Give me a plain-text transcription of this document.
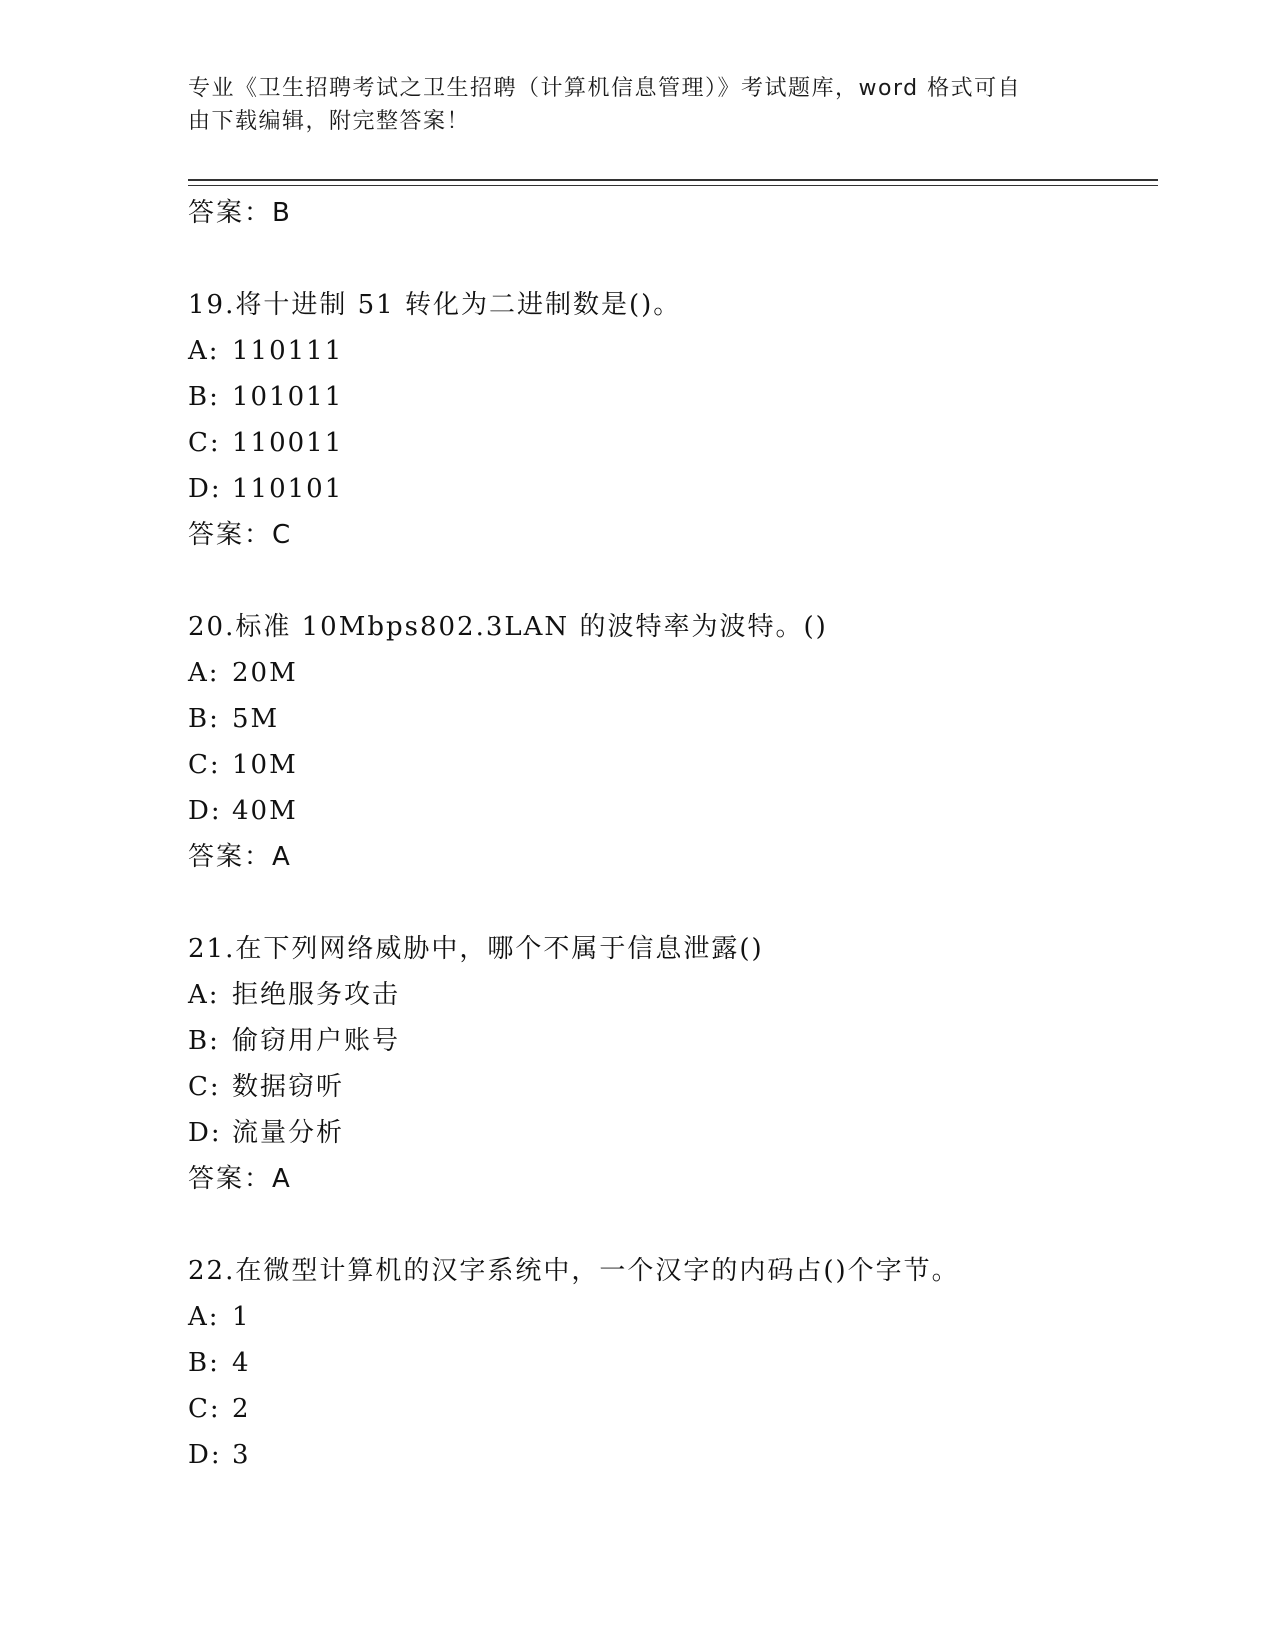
专业《卫生招聘考试之卫生招聘（计算机信息管理）》考试题库，word 格式可自
由下载编辑，附完整答案！
答案：B
19.将十进制 51 转化为二进制数是()。
A: 110111
B: 101011
C: 110011
D: 110101
答案：C
20.标准 10Mbps802.3LAN 的波特率为波特。()
A: 20M
B: 5M
C: 10M
D: 40M
答案：A
21.在下列网络威胁中，哪个不属于信息泄露()
A: 拒绝服务攻击
B: 偷窃用户账号
C: 数据窃听
D: 流量分析
答案：A
22.在微型计算机的汉字系统中，一个汉字的内码占()个字节。
A: 1
B: 4
C: 2
D: 3
